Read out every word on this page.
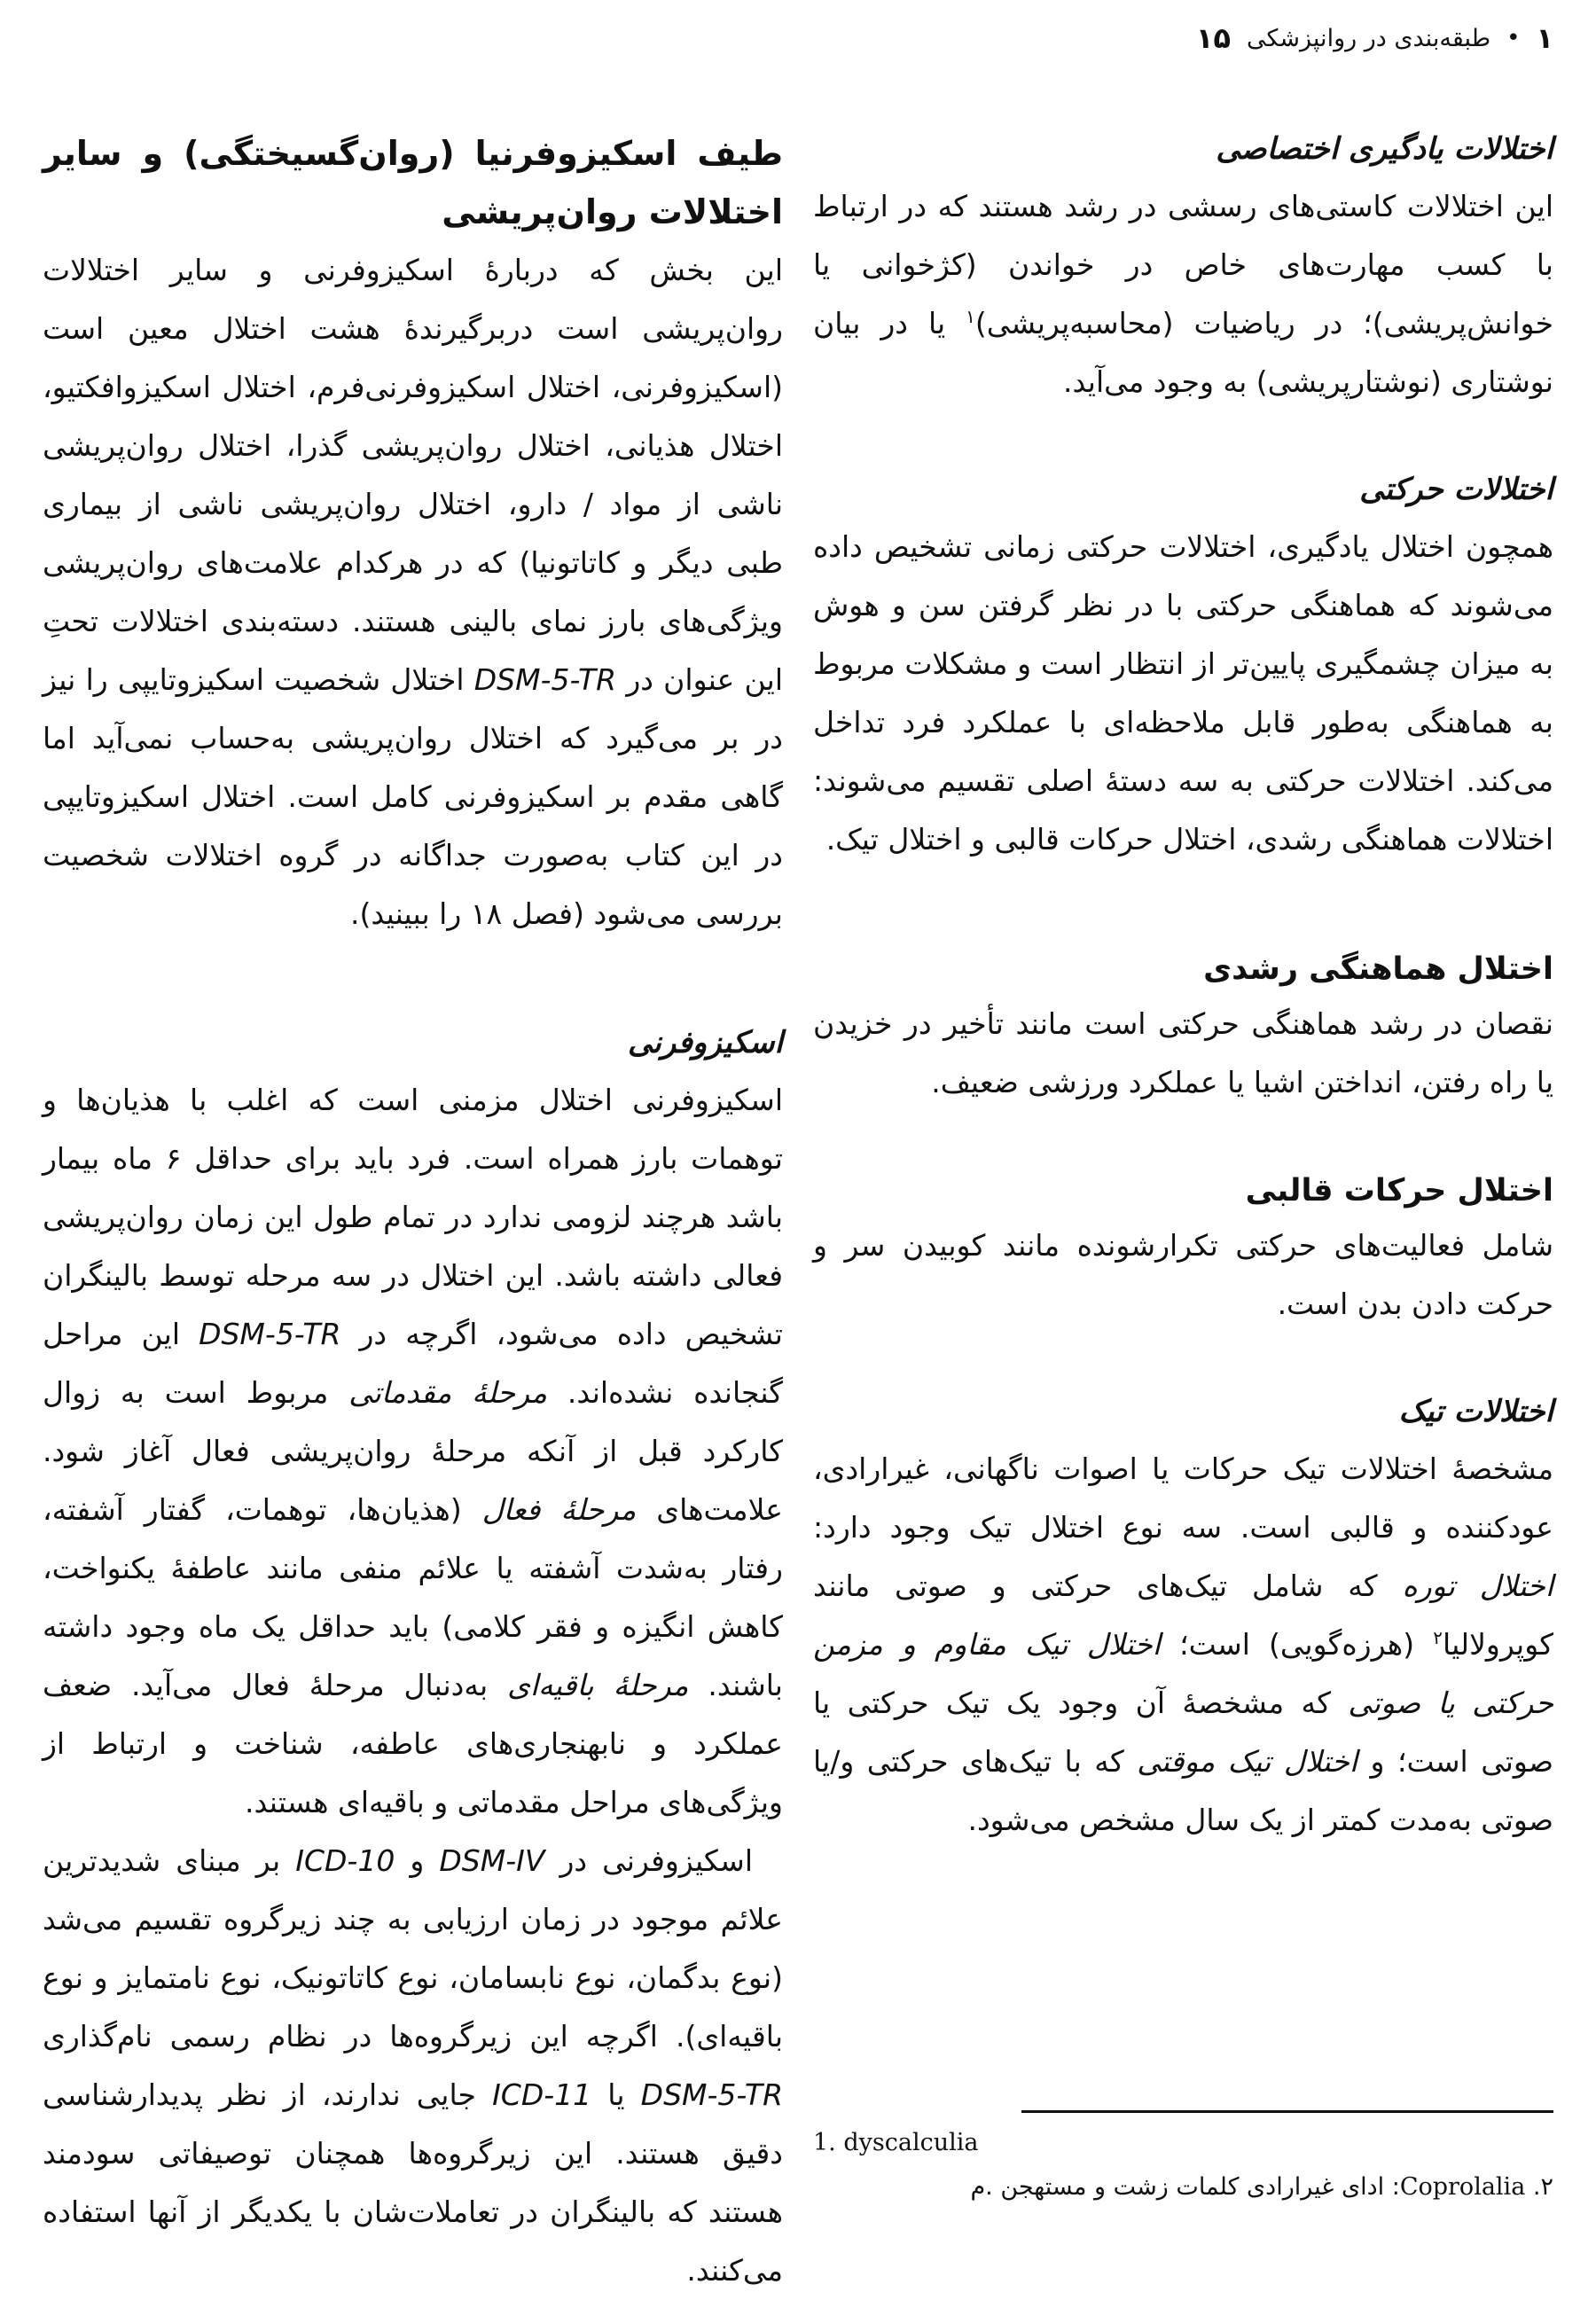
۱
•
طبقه‌بندی در روانپزشکی
۱۵
اختلالات یادگیری اختصاصی

این اختلالات کاستی‌های رسشی در رشد هستند که در ارتباط با کسب مهارت‌های خاص در خواندن (کژخوانی یا خوانش‌پریشی)؛ در ریاضیات (محاسبه‌پریشی)$^۱$ یا در بیان نوشتاری (نوشتارپریشی) به وجود می‌آید.

اختلالات حرکتی

همچون اختلال یادگیری، اختلالات حرکتی زمانی تشخیص داده می‌شوند که هماهنگی حرکتی با در نظر گرفتن سن و هوش به میزان چشمگیری پایین‌تر از انتظار است و مشکلات مربوط به هماهنگی به‌طور قابل ملاحظه‌ای با عملکرد فرد تداخل می‌کند. اختلالات حرکتی به سه دستهٔ اصلی تقسیم می‌شوند: اختلالات هماهنگی رشدی، اختلال حرکات قالبی و اختلال تیک.

اختلال هماهنگی رشدی

نقصان در رشد هماهنگی حرکتی است مانند تأخیر در خزیدن یا راه رفتن، انداختن اشیا یا عملکرد ورزشی ضعیف.

اختلال حرکات قالبی

شامل فعالیت‌های حرکتی تکرارشونده مانند کوبیدن سر و حرکت دادن بدن است.

اختلالات تیک

مشخصهٔ اختلالات تیک حرکات یا اصوات ناگهانی، غیرارادی، عودکننده و قالبی است. سه نوع اختلال تیک وجود دارد: اختلال توره که شامل تیک‌های حرکتی و صوتی مانند کوپرولالیا$^۲$ (هرزه‌گویی) است؛ اختلال تیک مقاوم و مزمن حرکتی یا صوتی که مشخصهٔ آن وجود یک تیک حرکتی یا صوتی است؛ و اختلال تیک موقتی که با تیک‌های حرکتی و/یا صوتی به‌مدت کمتر از یک سال مشخص می‌شود.

طیف اسکیزوفرنیا (روان‌گسیختگی) و سایر اختلالات روان‌پریشی

این بخش که دربارهٔ اسکیزوفرنی و سایر اختلالات روان‌پریشی است دربرگیرندهٔ هشت اختلال معین است (اسکیزوفرنی، اختلال اسکیزوفرنی‌فرم، اختلال اسکیزوافکتیو، اختلال هذیانی، اختلال روان‌پریشی گذرا، اختلال روان‌پریشی ناشی از مواد / دارو، اختلال روان‌پریشی ناشی از بیماری طبی دیگر و کاتاتونیا) که در هرکدام علامت‌های روان‌پریشی ویژگی‌های بارز نمای بالینی هستند. دسته‌بندی اختلالات تحتِ این عنوان در DSM-5-TR اختلال شخصیت اسکیزوتایپی را نیز در بر می‌گیرد که اختلال روان‌پریشی به‌حساب نمی‌آید اما گاهی مقدم بر اسکیزوفرنی کامل است. اختلال اسکیزوتایپی در این کتاب به‌صورت جداگانه در گروه اختلالات شخصیت بررسی می‌شود (فصل ۱۸ را ببینید).

اسکیزوفرنی

اسکیزوفرنی اختلال مزمنی است که اغلب با هذیان‌ها و توهمات بارز همراه است. فرد باید برای حداقل ۶ ماه بیمار باشد هرچند لزومی ندارد در تمام طول این زمان روان‌پریشی فعالی داشته باشد. این اختلال در سه مرحله توسط بالینگران تشخیص داده می‌شود، اگرچه در DSM-5-TR این مراحل گنجانده نشده‌اند. مرحلهٔ مقدماتی مربوط است به زوال کارکرد قبل از آنکه مرحلهٔ روان‌پریشی فعال آغاز شود. علامت‌های مرحلهٔ فعال (هذیان‌ها، توهمات، گفتار آشفته، رفتار به‌شدت آشفته یا علائم منفی مانند عاطفهٔ یکنواخت، کاهش انگیزه و فقر کلامی) باید حداقل یک ماه وجود داشته باشند. مرحلهٔ باقیه‌ای به‌دنبال مرحلهٔ فعال می‌آید. ضعف عملکرد و نابهنجاری‌های عاطفه، شناخت و ارتباط از ویژگی‌های مراحل مقدماتی و باقیه‌ای هستند.

اسکیزوفرنی در DSM-IV و ICD-10 بر مبنای شدیدترین علائم موجود در زمان ارزیابی به چند زیرگروه تقسیم می‌شد (نوع بدگمان، نوع نابسامان، نوع کاتاتونیک، نوع نامتمایز و نوع باقیه‌ای). اگرچه این زیرگروه‌ها در نظام رسمی نام‌گذاری DSM-5-TR یا ICD-11 جایی ندارند، از نظر پدیدارشناسی دقیق هستند. این زیرگروه‌ها همچنان توصیفاتی سودمند هستند که بالینگران در تعاملات‌شان با یکدیگر از آنها استفاده می‌کنند.

1. dyscalculia
۲. Coprolalia: ادای غیرارادی کلمات زشت و مستهجن .م
